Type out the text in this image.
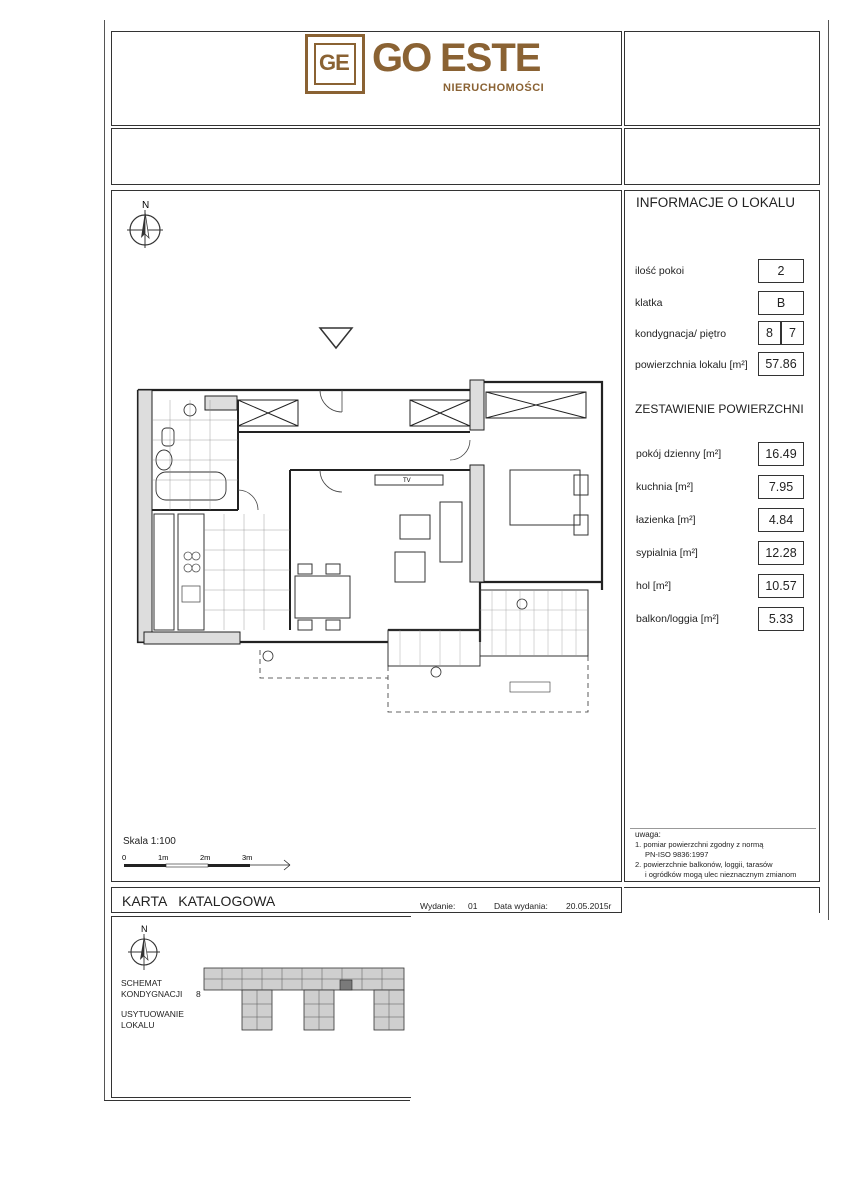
GE GO ESTE
NIERUCHOMOŚCI
INFORMACJE O LOKALU
ilość pokoi	2
klatka	B
kondygnacja/ piętro	8	7
powierzchnia lokalu [m²]	57.86
ZESTAWIENIE POWIERZCHNI
pokój dzienny [m²]	16.49
kuchnia [m²]	7.95
łazienka [m²]	4.84
sypialnia [m²]	12.28
hol [m²]	10.57
balkon/loggia [m²]	5.33
uwaga:
1. pomiar powierzchni zgodny z normą
PN-ISO 9836:1997
2. powierzchnie balkonów, loggii, tarasów
i ogródków mogą ulec nieznacznym zmianom
N
TV
Skala 1:100
0	1m	2m	3m
KARTA   KATALOGOWA	Wydanie: 01 Data wydania: 20.05.2015r
N
SCHEMAT
KONDYGNACJI 8
USYTUOWANIE
LOKALU
